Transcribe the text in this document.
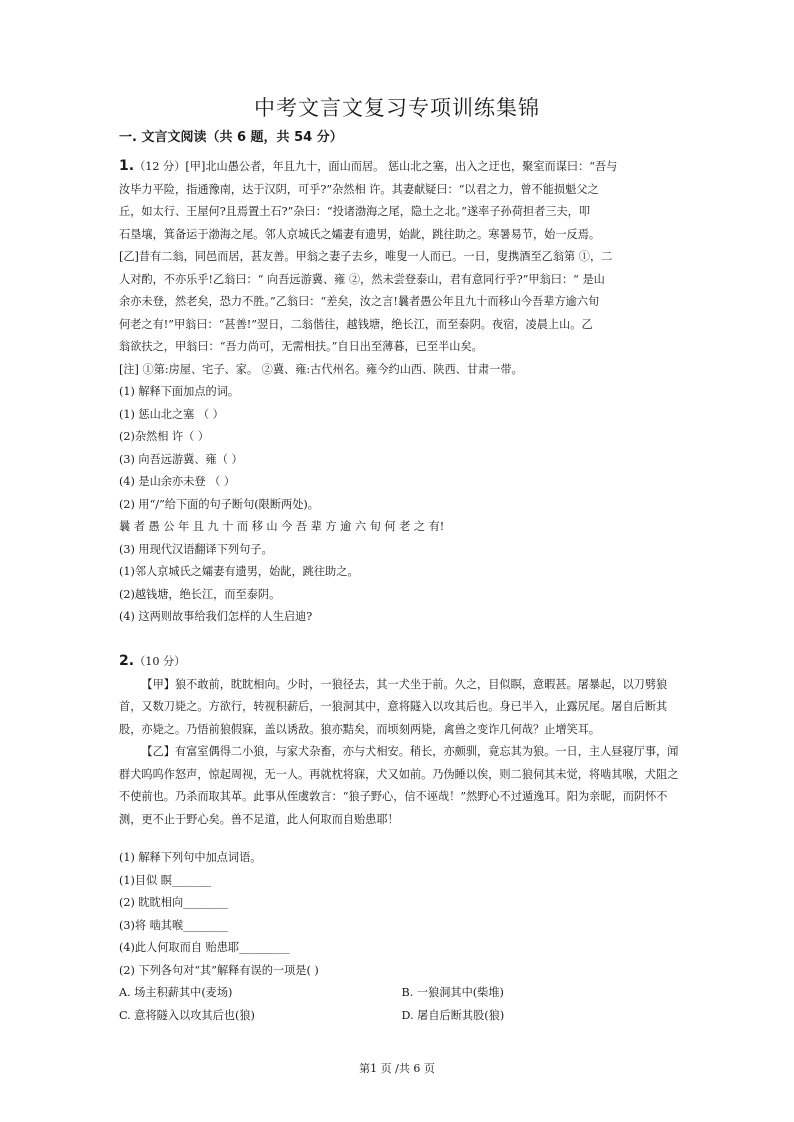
中考文言文复习专项训练集锦
一. 文言文阅读（共 6 题，共 54 分）

1.（12 分）[甲]北山愚公者，年且九十，面山而居。 惩山北之塞，出入之迂也，聚室而谋曰：“吾与

汝毕力平险，指通豫南，达于汉阴，可乎?”杂然相 许。其妻献疑曰：“以君之力，曾不能损魁父之

丘，如太行、王屋何?且焉置土石?”杂曰：“投诸渤海之尾，隐土之北。”遂率子孙荷担者三夫，叩

石垦壤，箕备运于渤海之尾。邻人京城氏之孀妻有遗男，始龀，跳往助之。寒暑易节，始一反焉。

[乙]昔有二翁，同邑而居，甚友善。甲翁之妻子去乡，唯叟一人而已。一日，叟携酒至乙翁第 ①，二

人对酌，不亦乐乎!乙翁曰：“ 向吾远游冀、雍 ②，然未尝登泰山，君有意同行乎?”甲翁曰：“ 是山

余亦未登，然老矣，恐力不胜。”乙翁曰：“差矣，汝之言!曩者愚公年且九十而移山今吾辈方逾六旬

何老之有!”甲翁曰：“甚善!”翌日，二翁偕往，越钱塘，绝长江，而至泰阴。夜宿，凌晨上山。乙

翁欲扶之，甲翁曰：“吾力尚可，无需相扶。”自日出至薄暮，已至半山矣。

[注] ①第:房屋、宅子、家。 ②冀、雍:古代州名。雍今约山西、陕西、甘肃一带。

(1) 解释下面加点的词。

(1) 惩山北之塞 （ ）

(2)杂然相 许（ ）

(3) 向吾远游冀、雍（ ）

(4) 是山余亦未登 （ ）

(2) 用“/”给下面的句子断句(限断两处)。

曩 者 愚 公 年 且 九 十 而 移 山 今 吾 辈 方 逾 六 旬 何 老 之 有!

(3) 用现代汉语翻译下列句子。

(1)邻人京城氏之孀妻有遗男，始龀，跳往助之。

(2)越钱塘，绝长江，而至泰阴。

(4) 这两则故事给我们怎样的人生启迪?

2.（10 分）

【甲】狼不敢前，眈眈相向。少时，一狼径去，其一犬坐于前。久之，目似瞑，意暇甚。屠暴起，以刀劈狼首，又数刀毙之。方欲行，转视积薪后，一狼洞其中，意将隧入以攻其后也。身已半入，止露尻尾。屠自后断其股，亦毙之。乃悟前狼假寐，盖以诱敌。狼亦黠矣，而顷刻两毙，禽兽之变诈几何哉？止增笑耳。

【乙】有富室偶得二小狼，与家犬杂畜，亦与犬相安。稍长，亦颇驯，竟忘其为狼。一日，主人昼寝厅事，闻群犬呜呜作怒声，惊起周视，无一人。再就枕将寐，犬又如前。乃伪睡以俟，则二狼伺其未觉，将啮其喉，犬阻之不使前也。乃杀而取其革。此事从侄虞敦言：“狼子野心，信不诬哉！”然野心不过遁逸耳。阳为亲昵，而阴怀不测，更不止于野心矣。兽不足道，此人何取而自贻患耶！

(1) 解释下列句中加点词语。

(1)目似 瞑_______

(2) 眈眈相向________

(3)将 啮其喉________

(4)此人何取而自 贻患耶_________

(2) 下列各句对“其”解释有误的一项是( )

A. 场主积薪其中(麦场)	B. 一狼洞其中(柴堆)
C. 意将隧入以攻其后也(狼)	D. 屠自后断其股(狼)
第1 页 /共 6 页
